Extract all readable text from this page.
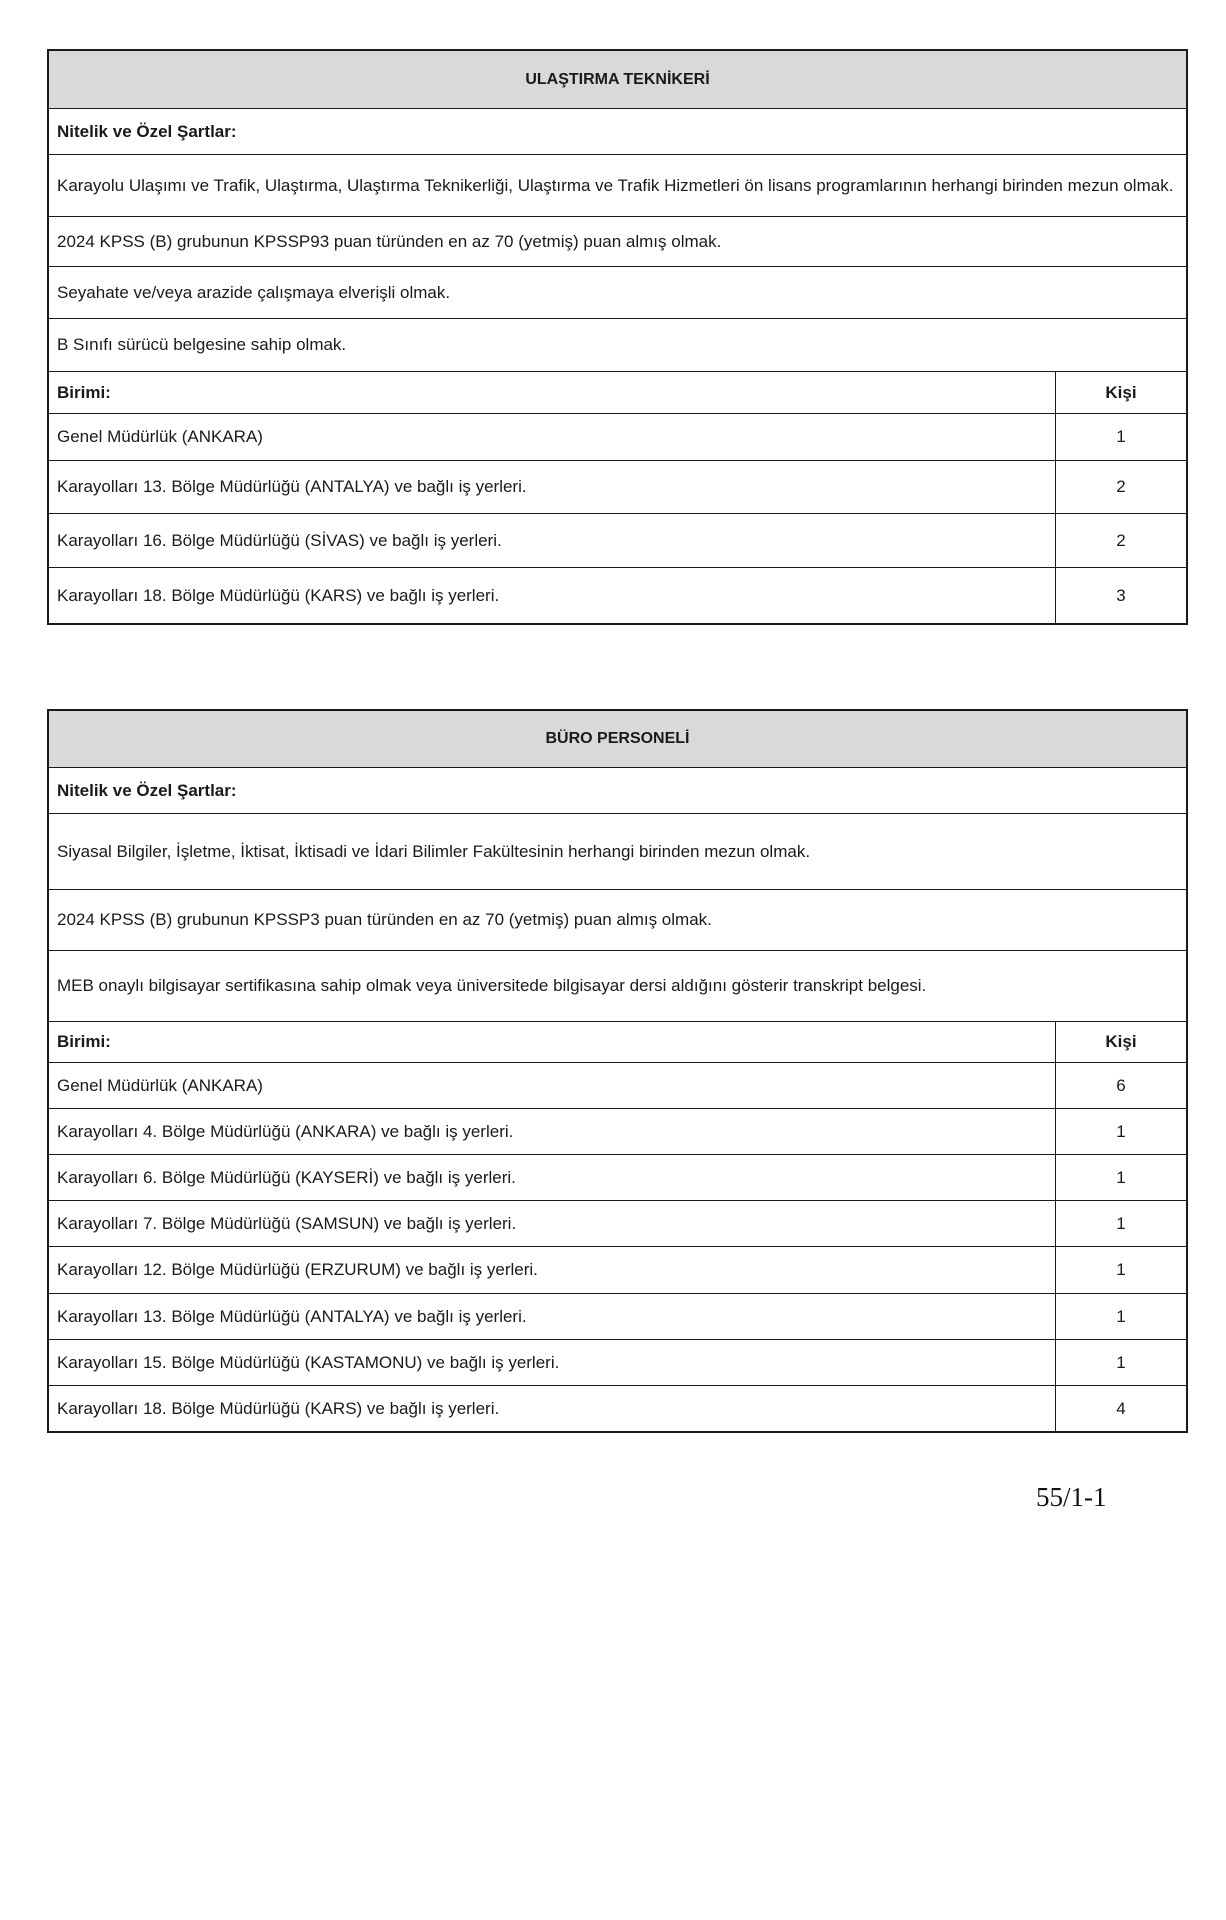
ULAŞTIRMA TEKNİKERİ
Nitelik ve Özel Şartlar:
Karayolu Ulaşımı ve Trafik, Ulaştırma, Ulaştırma Teknikerliği, Ulaştırma ve Trafik Hizmetleri ön lisans programlarının herhangi birinden mezun olmak.
2024 KPSS (B) grubunun KPSSP93 puan türünden en az 70 (yetmiş) puan almış olmak.
Seyahate ve/veya arazide çalışmaya elverişli olmak.
B Sınıfı sürücü belgesine sahip olmak.
Birimi:	Kişi
Genel Müdürlük (ANKARA)	1
Karayolları 13. Bölge Müdürlüğü (ANTALYA) ve bağlı iş yerleri.	2
Karayolları 16. Bölge Müdürlüğü (SİVAS) ve bağlı iş yerleri.	2
Karayolları 18. Bölge Müdürlüğü (KARS) ve bağlı iş yerleri.	3
BÜRO PERSONELİ
Nitelik ve Özel Şartlar:
Siyasal Bilgiler, İşletme, İktisat, İktisadi ve İdari Bilimler Fakültesinin herhangi birinden mezun olmak.
2024 KPSS (B) grubunun KPSSP3 puan türünden en az 70 (yetmiş) puan almış olmak.
MEB onaylı bilgisayar sertifikasına sahip olmak veya üniversitede bilgisayar dersi aldığını gösterir transkript belgesi.
Birimi:	Kişi
Genel Müdürlük (ANKARA)	6
Karayolları 4. Bölge Müdürlüğü (ANKARA) ve bağlı iş yerleri.	1
Karayolları 6. Bölge Müdürlüğü (KAYSERİ) ve bağlı iş yerleri.	1
Karayolları 7. Bölge Müdürlüğü (SAMSUN) ve bağlı iş yerleri.	1
Karayolları 12. Bölge Müdürlüğü (ERZURUM) ve bağlı iş yerleri.	1
Karayolları 13. Bölge Müdürlüğü (ANTALYA) ve bağlı iş yerleri.	1
Karayolları 15. Bölge Müdürlüğü (KASTAMONU) ve bağlı iş yerleri.	1
Karayolları 18. Bölge Müdürlüğü (KARS) ve bağlı iş yerleri.	4
55/1-1
